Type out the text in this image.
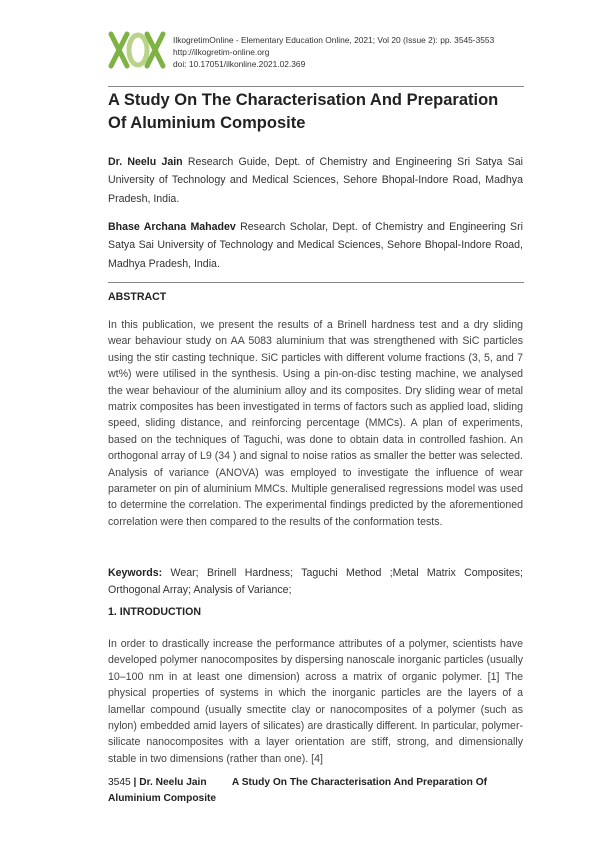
IlkogretimOnline - Elementary Education Online, 2021; Vol 20 (Issue 2): pp. 3545-3553
http://ilkogretim-online.org
doi: 10.17051/ilkonline.2021.02.369
A Study On The Characterisation And Preparation
Of Aluminium Composite
Dr. Neelu Jain Research Guide, Dept. of Chemistry and Engineering Sri Satya Sai University of Technology and Medical Sciences, Sehore Bhopal-Indore Road, Madhya Pradesh, India.
Bhase Archana Mahadev Research Scholar, Dept. of Chemistry and Engineering Sri Satya Sai University of Technology and Medical Sciences, Sehore Bhopal-Indore Road, Madhya Pradesh, India.
ABSTRACT
In this publication, we present the results of a Brinell hardness test and a dry sliding wear behaviour study on AA 5083 aluminium that was strengthened with SiC particles using the stir casting technique. SiC particles with different volume fractions (3, 5, and 7 wt%) were utilised in the synthesis. Using a pin-on-disc testing machine, we analysed the wear behaviour of the aluminium alloy and its composites. Dry sliding wear of metal matrix composites has been investigated in terms of factors such as applied load, sliding speed, sliding distance, and reinforcing percentage (MMCs). A plan of experiments, based on the techniques of Taguchi, was done to obtain data in controlled fashion. An orthogonal array of L9 (34 ) and signal to noise ratios as smaller the better was selected. Analysis of variance (ANOVA) was employed to investigate the influence of wear parameter on pin of aluminium MMCs. Multiple generalised regressions model was used to determine the correlation. The experimental findings predicted by the aforementioned correlation were then compared to the results of the conformation tests.
Keywords: Wear; Brinell Hardness; Taguchi Method ;Metal Matrix Composites; Orthogonal Array; Analysis of Variance;
1. INTRODUCTION
In order to drastically increase the performance attributes of a polymer, scientists have developed polymer nanocomposites by dispersing nanoscale inorganic particles (usually 10–100 nm in at least one dimension) across a matrix of organic polymer. [1] The physical properties of systems in which the inorganic particles are the layers of a lamellar compound (usually smectite clay or nanocomposites of a polymer (such as nylon) embedded amid layers of silicates) are drastically different. In particular, polymer-silicate nanocomposites with a layer orientation are stiff, strong, and dimensionally stable in two dimensions (rather than one). [4]
3545 | Dr. Neelu Jain A Study On The Characterisation And Preparation Of Aluminium Composite
